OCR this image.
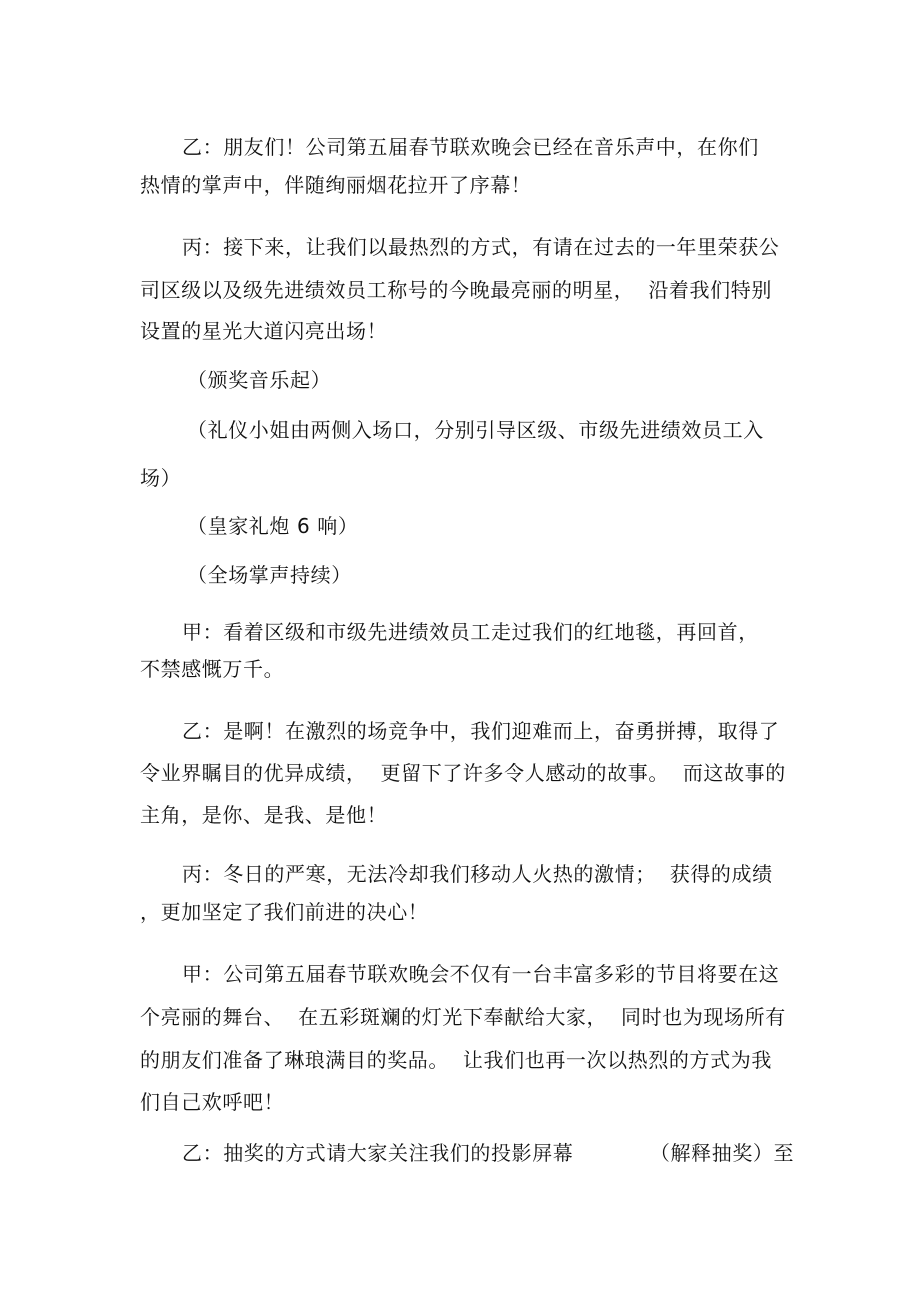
乙：朋友们！公司第五届春节联欢晚会已经在音乐声中，在你们
热情的掌声中，伴随绚丽烟花拉开了序幕！
丙：接下来，让我们以最热烈的方式，有请在过去的一年里荣获公
司区级以及级先进绩效员工称号的今晚最亮丽的明星，  沿着我们特别
设置的星光大道闪亮出场！
（颁奖音乐起）
（礼仪小姐由两侧入场口，分别引导区级、市级先进绩效员工入
场）
（皇家礼炮 6 响）
（全场掌声持续）
甲：看着区级和市级先进绩效员工走过我们的红地毯，再回首，
不禁感慨万千。
乙：是啊！在激烈的场竞争中，我们迎难而上，奋勇拼搏，取得了
令业界瞩目的优异成绩，  更留下了许多令人感动的故事。  而这故事的
主角，是你、是我、是他！
丙：冬日的严寒，无法冷却我们移动人火热的激情；  获得的成绩
，更加坚定了我们前进的决心！
甲：公司第五届春节联欢晚会不仅有一台丰富多彩的节目将要在这
个亮丽的舞台、  在五彩斑斓的灯光下奉献给大家，  同时也为现场所有
的朋友们准备了琳琅满目的奖品。  让我们也再一次以热烈的方式为我
们自己欢呼吧！
乙：抽奖的方式请大家关注我们的投影屏幕           （解释抽奖）至
